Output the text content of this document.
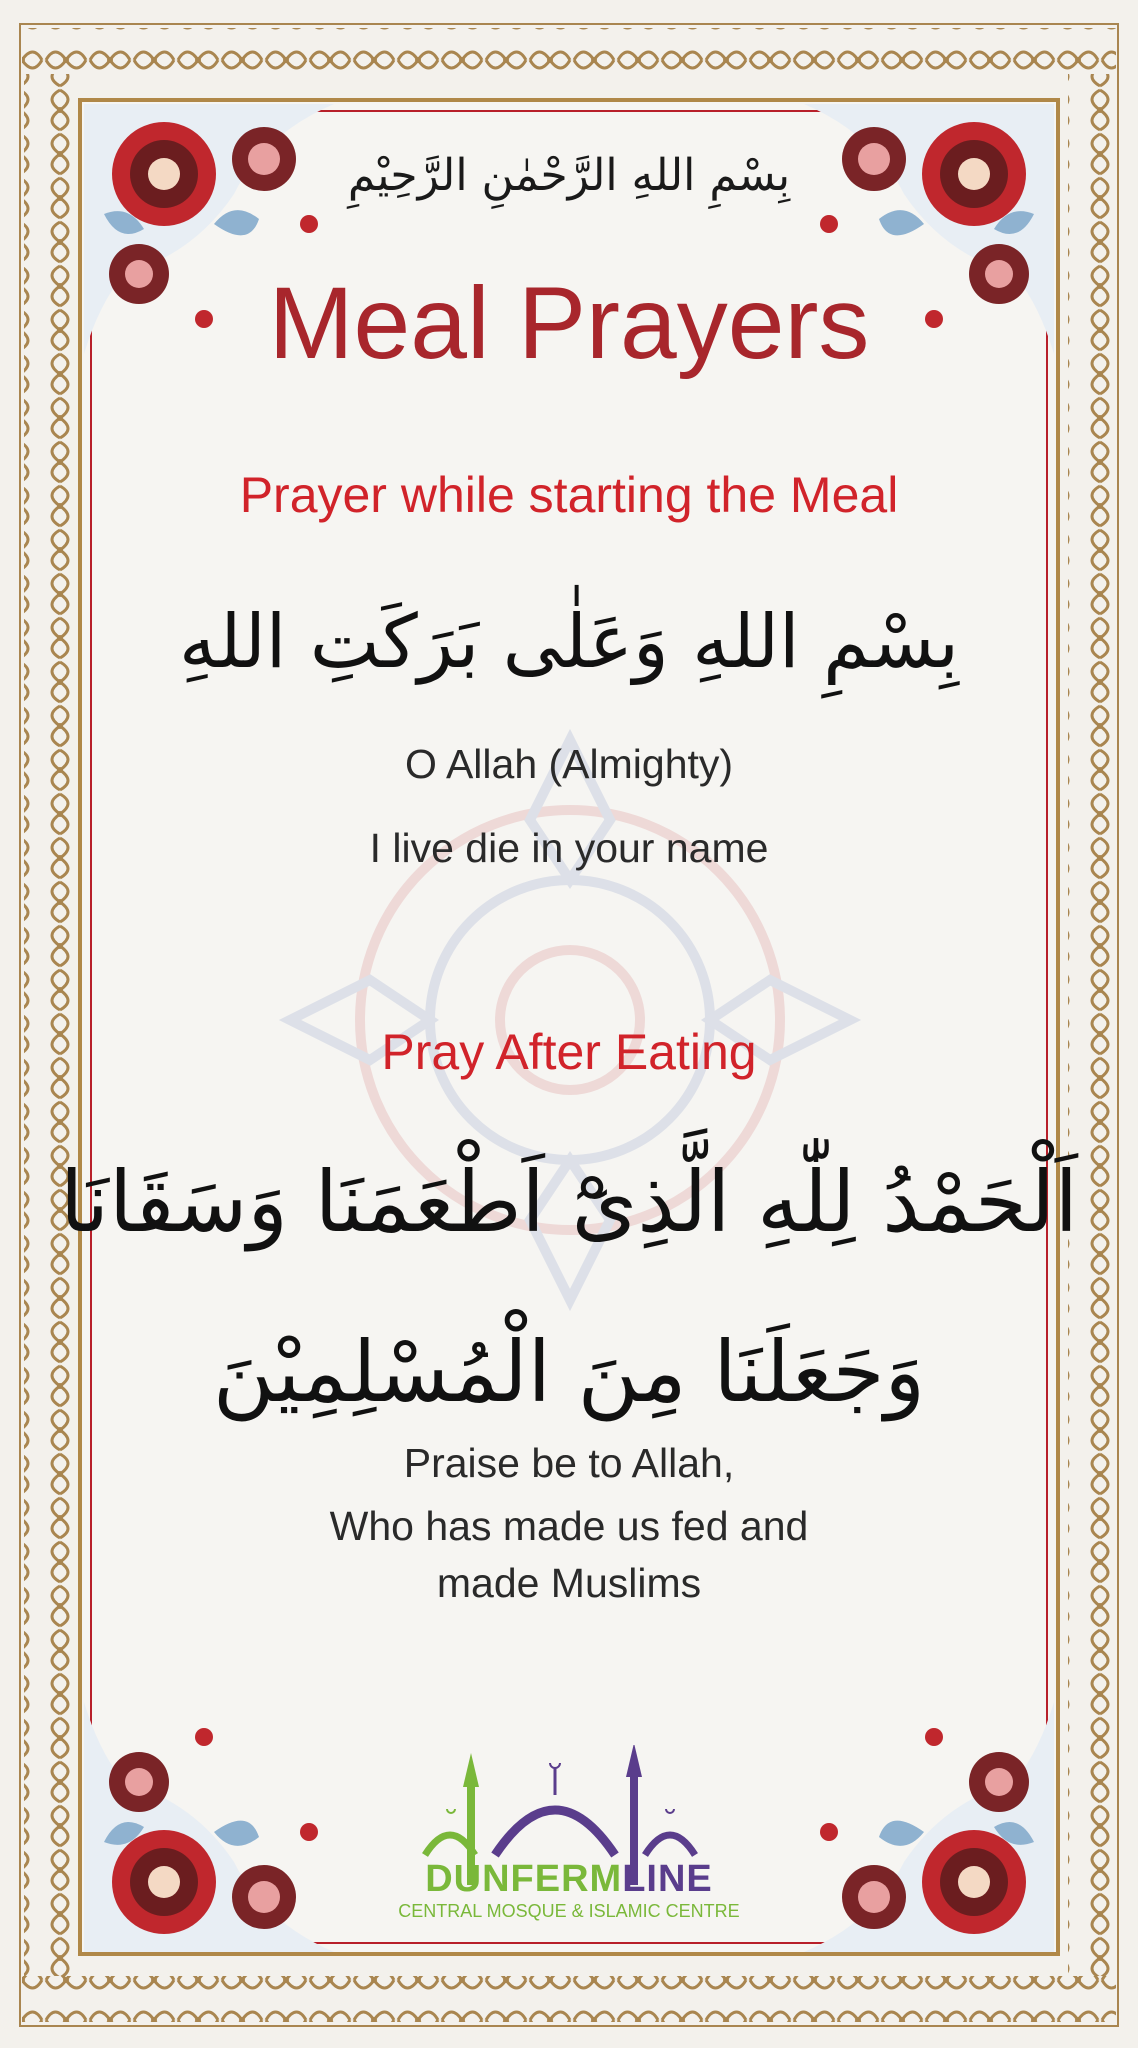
بِسْمِ اللهِ الرَّحْمٰنِ الرَّحِيْمِ
Meal Prayers
Prayer while starting the Meal
بِسْمِ اللهِ وَعَلٰى بَرَكَتِ اللهِ
O Allah (Almighty)
I live die in your name
Pray After Eating
اَلْحَمْدُ لِلّٰهِ الَّذِىْٓ اَطْعَمَنَا وَسَقَانَا
وَجَعَلَنَا مِنَ الْمُسْلِمِيْنَ
Praise be to Allah,
Who has made us fed and
made Muslims
DUNFERMLINE
CENTRAL MOSQUE & ISLAMIC CENTRE
